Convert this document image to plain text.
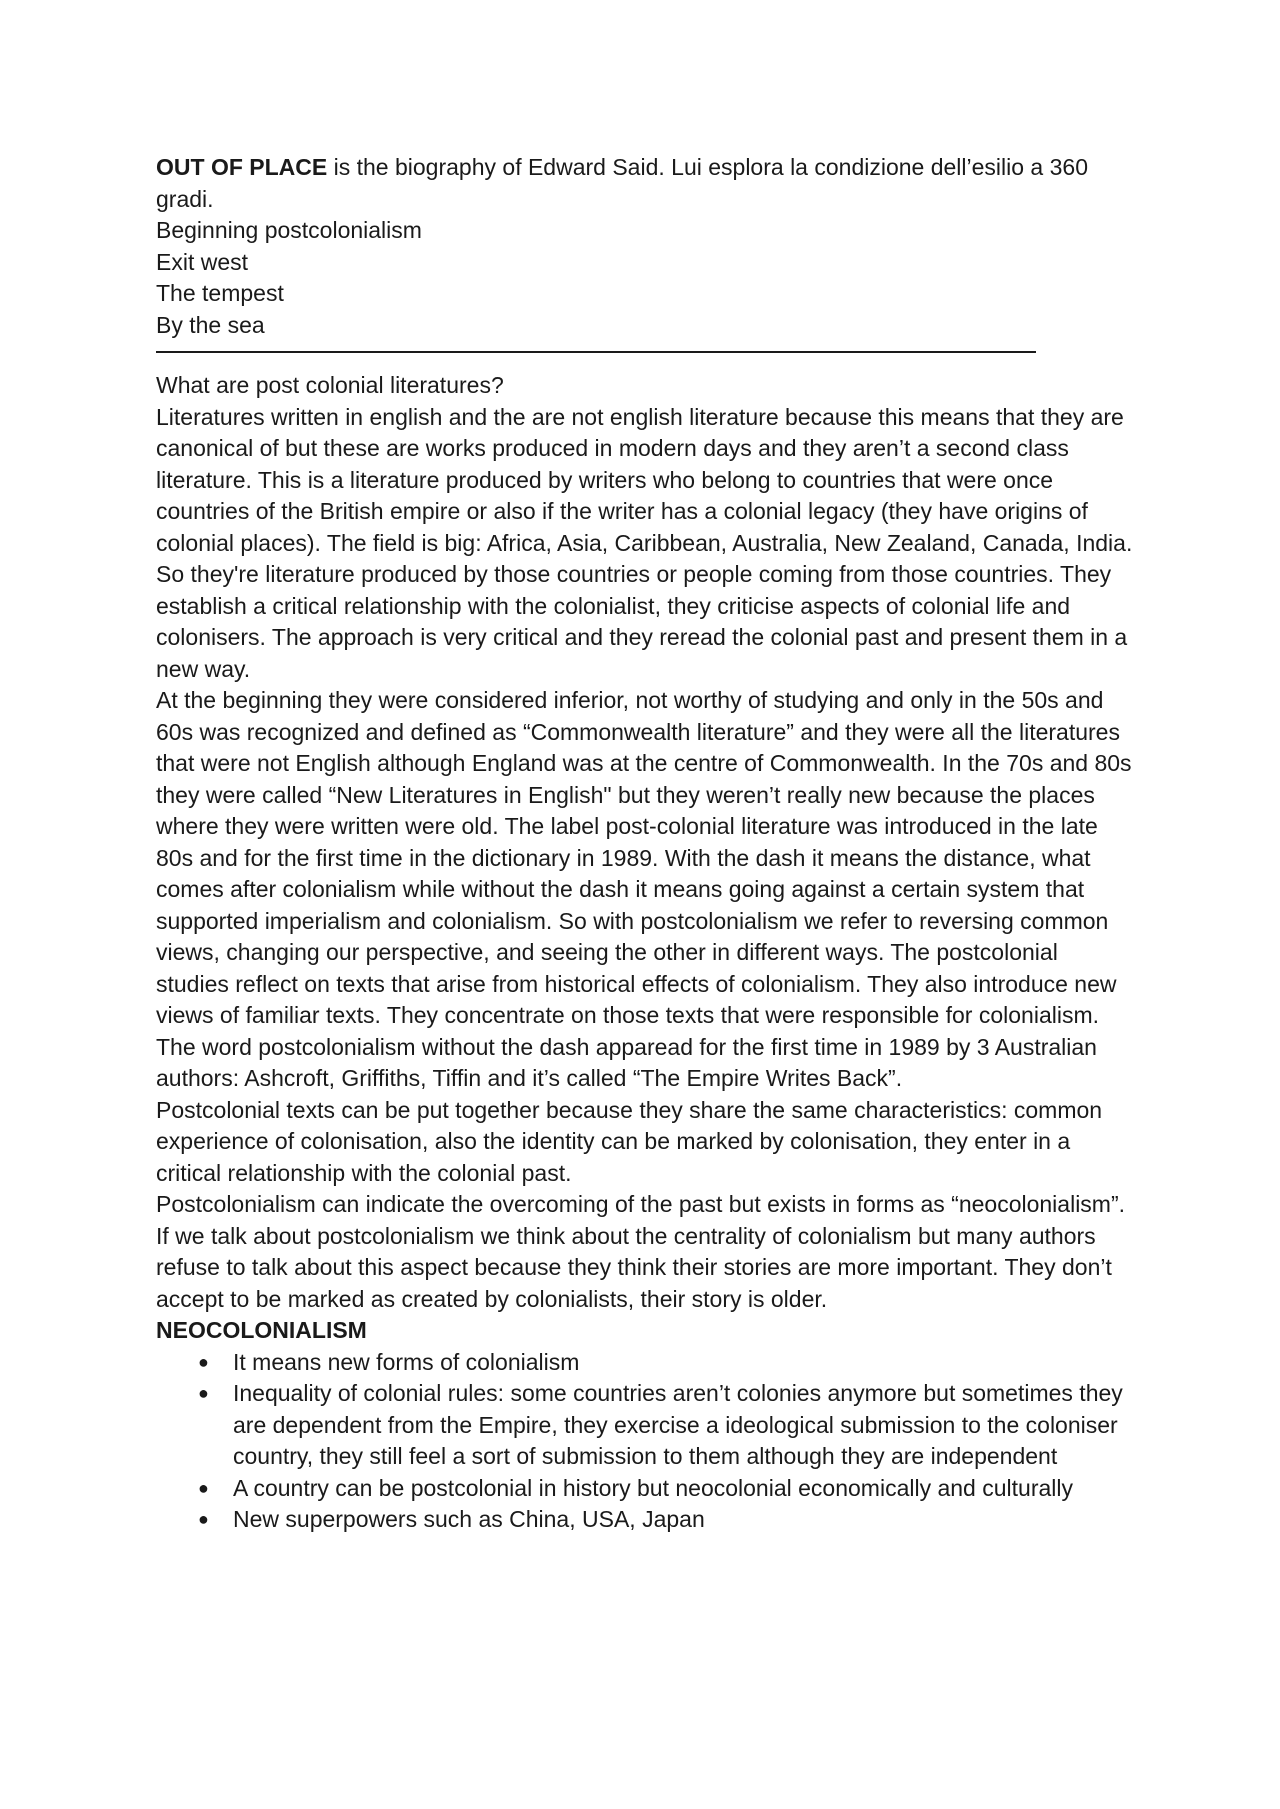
OUT OF PLACE is the biography of Edward Said. Lui esplora la condizione dell’esilio a 360 gradi.

Beginning postcolonialism
Exit west
The tempest
By the sea
What are post colonial literatures?

Literatures written in english and the are not english literature because this means that they are canonical of but these are works produced in modern days and they aren’t a second class literature. This is a literature produced by writers who belong to countries that were once countries of the British empire or also if the writer has a colonial legacy (they have origins of colonial places). The field is big: Africa, Asia, Caribbean, Australia, New Zealand, Canada, India. So they're literature produced by those countries or people coming from those countries. They establish a critical relationship with the colonialist, they criticise aspects of colonial life and colonisers. The approach is very critical and they reread the colonial past and present them in a new way.

At the beginning they were considered inferior, not worthy of studying and only in the 50s and 60s was recognized and defined as “Commonwealth literature” and they were all the literatures that were not English although England was at the centre of Commonwealth. In the 70s and 80s they were called “New Literatures in English" but they weren’t really new because the places where they were written were old. The label post-colonial literature was introduced in the late 80s and for the first time in the dictionary in 1989. With the dash it means the distance, what comes after colonialism while without the dash it means going against a certain system that supported imperialism and colonialism. So with postcolonialism we refer to reversing common views, changing our perspective, and seeing the other in different ways. The postcolonial studies reflect on texts that arise from historical effects of colonialism. They also introduce new views of familiar texts. They concentrate on those texts that were responsible for colonialism.

The word postcolonialism without the dash apparead for the first time in 1989 by 3 Australian authors: Ashcroft, Griffiths, Tiffin and it’s called “The Empire Writes Back”.

Postcolonial texts can be put together because they share the same characteristics: common experience of colonisation, also the identity can be marked by colonisation, they enter in a critical relationship with the colonial past.

Postcolonialism can indicate the overcoming of the past but exists in forms as “neocolonialism”. If we talk about postcolonialism we think about the centrality of colonialism but many authors refuse to talk about this aspect because they think their stories are more important. They don’t accept to be marked as created by colonialists, their story is older.

NEOCOLONIALISM
● It means new forms of colonialism
● Inequality of colonial rules: some countries aren’t colonies anymore but sometimes they are dependent from the Empire, they exercise a ideological submission to the coloniser country, they still feel a sort of submission to them although they are independent
● A country can be postcolonial in history but neocolonial economically and culturally
● New superpowers such as China, USA, Japan
